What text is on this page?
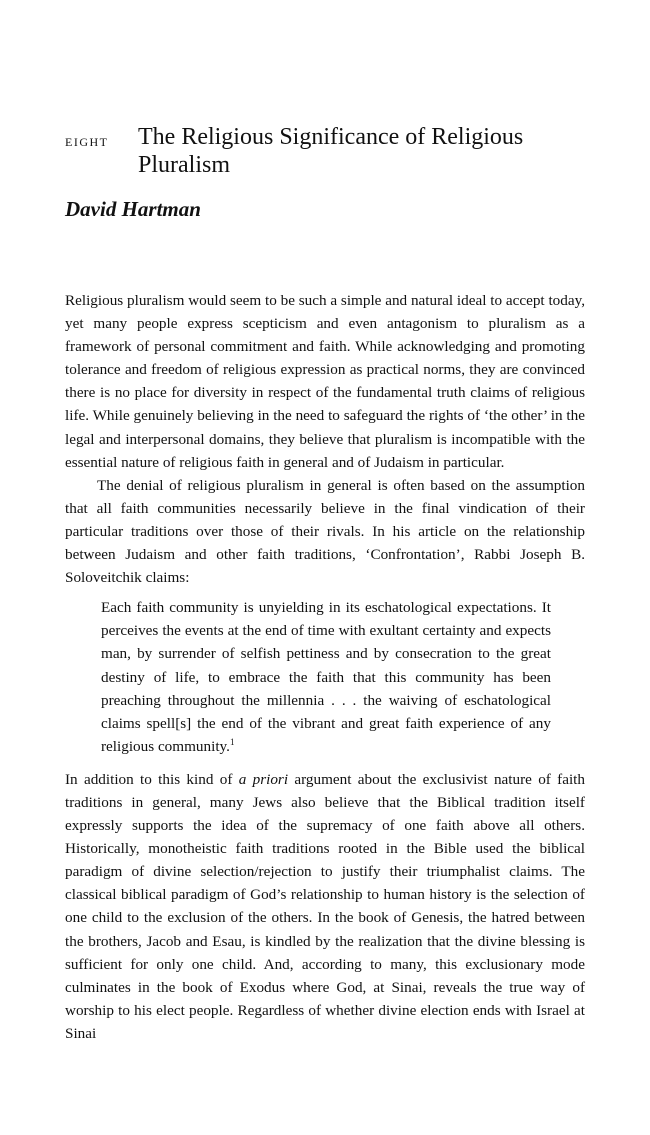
EIGHT The Religious Significance of Religious Pluralism
David Hartman

Religious pluralism would seem to be such a simple and natural ideal to accept today, yet many people express scepticism and even antagonism to pluralism as a framework of personal commitment and faith. While acknowledging and promoting tolerance and freedom of religious expression as practical norms, they are convinced there is no place for diversity in respect of the fundamental truth claims of religious life. While genuinely believing in the need to safeguard the rights of ‘the other’ in the legal and interpersonal domains, they believe that pluralism is incompatible with the essential nature of religious faith in general and of Judaism in particular.

The denial of religious pluralism in general is often based on the assumption that all faith communities necessarily believe in the final vindication of their particular traditions over those of their rivals. In his article on the relationship between Judaism and other faith traditions, ‘Confrontation’, Rabbi Joseph B. Soloveitchik claims:

Each faith community is unyielding in its eschatological expectations. It perceives the events at the end of time with exultant certainty and expects man, by surrender of selfish pettiness and by consecration to the great destiny of life, to embrace the faith that this community has been preaching throughout the millennia . . . the waiving of eschatological claims spell[s] the end of the vibrant and great faith experience of any religious community.$^1$

In addition to this kind of a priori argument about the exclusivist nature of faith traditions in general, many Jews also believe that the Biblical tradition itself expressly supports the idea of the supremacy of one faith above all others. Historically, monotheistic faith traditions rooted in the Bible used the biblical paradigm of divine selection/rejection to justify their triumphalist claims. The classical biblical paradigm of God’s relationship to human history is the selection of one child to the exclusion of the others. In the book of Genesis, the hatred between the brothers, Jacob and Esau, is kindled by the realization that the divine blessing is sufficient for only one child. And, according to many, this exclusionary mode culminates in the book of Exodus where God, at Sinai, reveals the true way of worship to his elect people. Regardless of whether divine election ends with Israel at Sinai
